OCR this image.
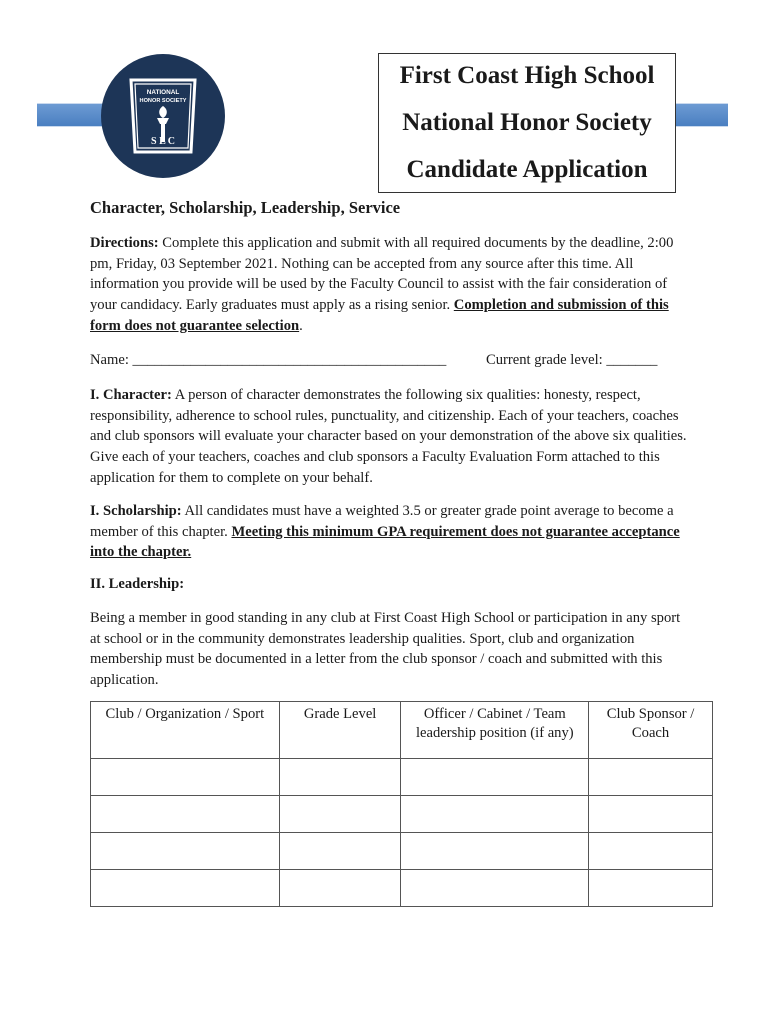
NATIONAL
HONOR SOCIETY
S L C
First Coast High School
National Honor Society
Candidate Application
Character, Scholarship, Leadership, Service
Directions: Complete this application and submit with all required documents by the deadline, 2:00 pm, Friday, 03 September 2021. Nothing can be accepted from any source after this time. All information you provide will be used by the Faculty Council to assist with the fair consideration of your candidacy. Early graduates must apply as a rising senior. Completion and submission of this form does not guarantee selection.
Name: ___________________________________________	Current grade level: _______
I. Character: A person of character demonstrates the following six qualities: honesty, respect, responsibility, adherence to school rules, punctuality, and citizenship. Each of your teachers, coaches and club sponsors will evaluate your character based on your demonstration of the above six qualities. Give each of your teachers, coaches and club sponsors a Faculty Evaluation Form attached to this application for them to complete on your behalf.
I. Scholarship: All candidates must have a weighted 3.5 or greater grade point average to become a member of this chapter. Meeting this minimum GPA requirement does not guarantee acceptance into the chapter.
II. Leadership:
Being a member in good standing in any club at First Coast High School or participation in any sport at school or in the community demonstrates leadership qualities. Sport, club and organization membership must be documented in a letter from the club sponsor / coach and submitted with this application.
Club / Organization / Sport	Grade Level	Officer / Cabinet / Team leadership position (if any)	Club Sponsor / Coach
